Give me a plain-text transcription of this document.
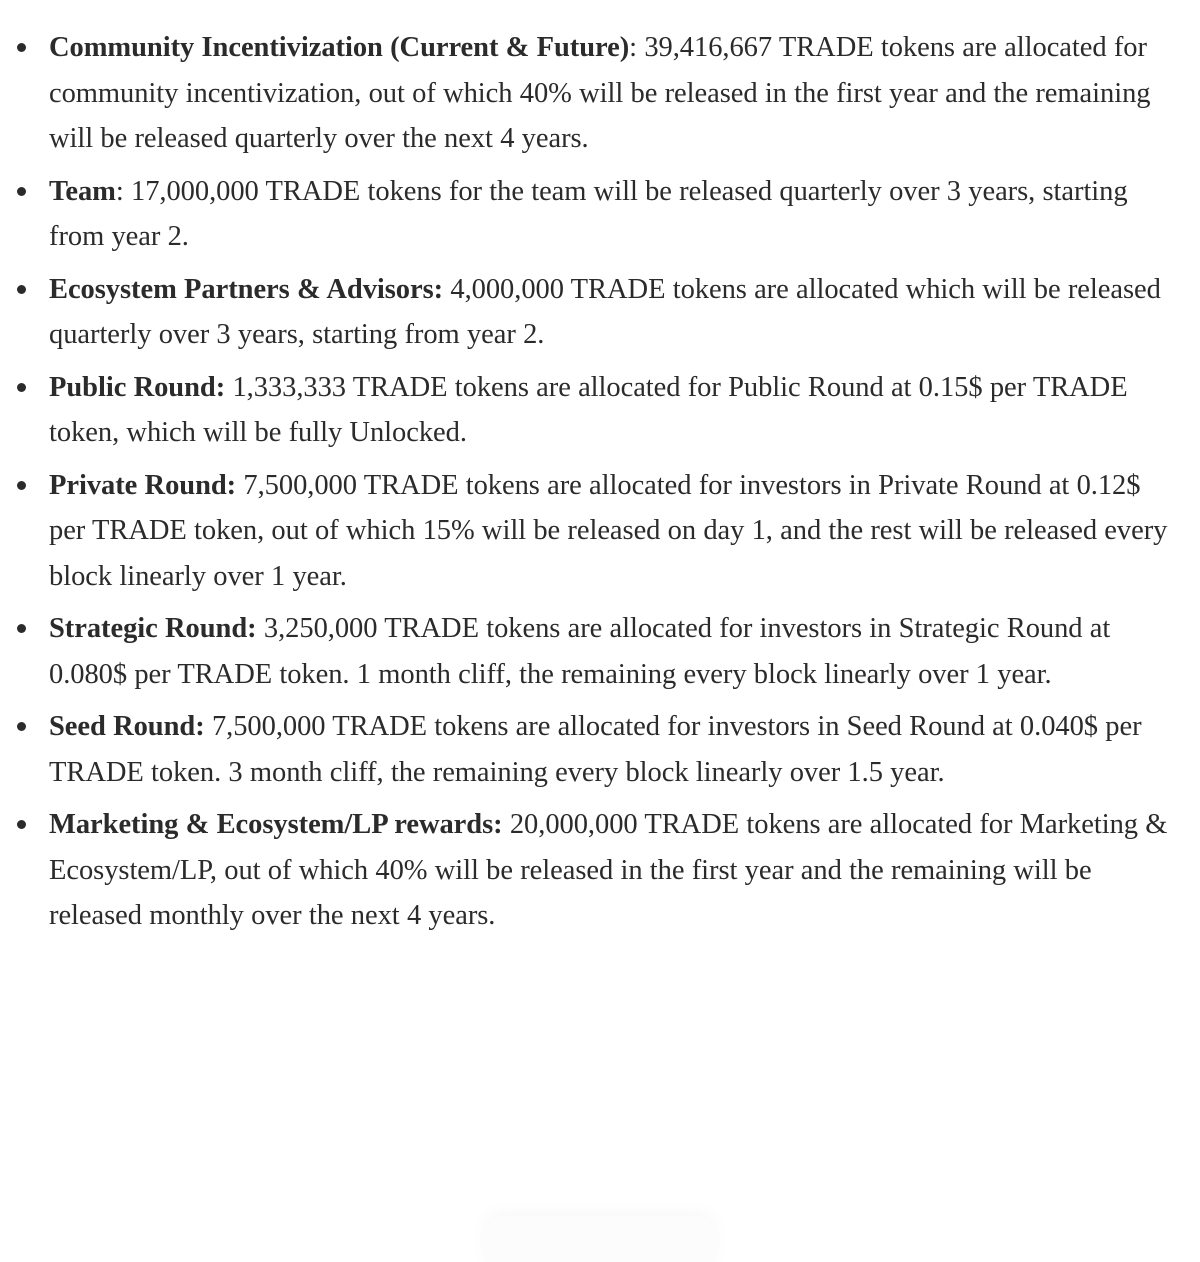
Community Incentivization (Current & Future): 39,416,667 TRADE tokens are allocated for community incentivization, out of which 40% will be released in the first year and the remaining will be released quarterly over the next 4 years.
Team: 17,000,000 TRADE tokens for the team will be released quarterly over 3 years, starting from year 2.
Ecosystem Partners & Advisors: 4,000,000 TRADE tokens are allocated which will be released quarterly over 3 years, starting from year 2.
Public Round: 1,333,333 TRADE tokens are allocated for Public Round at 0.15$ per TRADE token, which will be fully Unlocked.
Private Round: 7,500,000 TRADE tokens are allocated for investors in Private Round at 0.12$ per TRADE token, out of which 15% will be released on day 1, and the rest will be released every block linearly over 1 year.
Strategic Round: 3,250,000 TRADE tokens are allocated for investors in Strategic Round at 0.080$ per TRADE token. 1 month cliff, the remaining every block linearly over 1 year.
Seed Round: 7,500,000 TRADE tokens are allocated for investors in Seed Round at 0.040$ per TRADE token. 3 month cliff, the remaining every block linearly over 1.5 year.
Marketing & Ecosystem/LP rewards: 20,000,000 TRADE tokens are allocated for Marketing & Ecosystem/LP, out of which 40% will be released in the first year and the remaining will be released monthly over the next 4 years.
